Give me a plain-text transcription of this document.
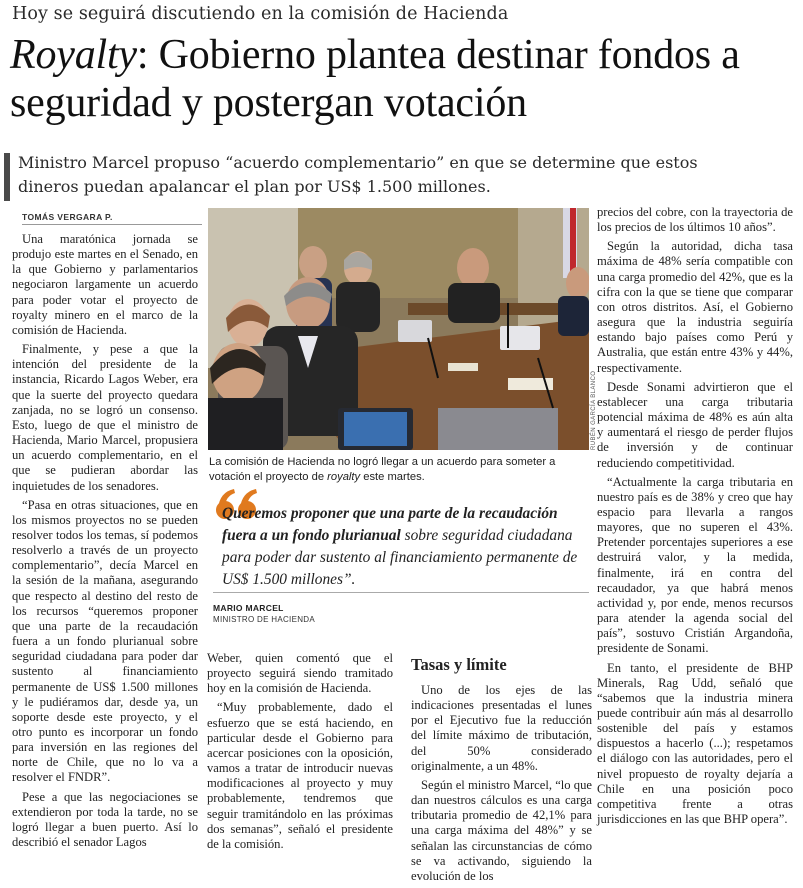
Hoy se seguirá discutiendo en la comisión de Hacienda
Royalty: Gobierno plantea destinar fondos a seguridad y postergan votación
Ministro Marcel propuso “acuerdo complementario” en que se determine que estos dineros puedan apalancar el plan por US$ 1.500 millones.
TOMÁS VERGARA P.

Una maratónica jornada se produjo este martes en el Senado, en la que Gobierno y parlamentarios negociaron largamente un acuerdo para poder votar el proyecto de royalty minero en el marco de la comisión de Hacienda.

Finalmente, y pese a que la intención del presidente de la instancia, Ricardo Lagos Weber, era que la suerte del proyecto quedara zanjada, no se logró un consenso. Esto, luego de que el ministro de Hacienda, Mario Marcel, propusiera un acuerdo complementario, en el que se pudieran abordar las inquietudes de los senadores.

“Pasa en otras situaciones, que en los mismos proyectos no se pueden resolver todos los temas, sí podemos resolverlo a través de un proyecto complementario”, decía Marcel en la sesión de la mañana, asegurando que respecto al destino del resto de los recursos “queremos proponer que una parte de la recaudación fuera a un fondo plurianual sobre seguridad ciudadana para poder dar sustento al financiamiento permanente de US$ 1.500 millones y le pudiéramos dar, desde ya, un soporte desde este proyecto, y el otro punto es incorporar un fondo para inversión en las regiones del norte de Chile, que no lo va a resolver el FNDR”.

Pese a que las negociaciones se extendieron por toda la tarde, no se logró llegar a buen puerto. Así lo describió el senador Lagos

RUBÉN GARCÍA BLANCO
La comisión de Hacienda no logró llegar a un acuerdo para someter a votación el proyecto de royalty este martes.
Queremos proponer que una parte de la recaudación fuera a un fondo plurianual sobre seguridad ciudadana para poder dar sustento al financiamiento permanente de US$ 1.500 millones”.
MARIO MARCEL
MINISTRO DE HACIENDA

Weber, quien comentó que el proyecto seguirá siendo tramitado hoy en la comisión de Hacienda.

“Muy probablemente, dado el esfuerzo que se está haciendo, en particular desde el Gobierno para acercar posiciones con la oposición, vamos a tratar de introducir nuevas modificaciones al proyecto y muy probablemente, tendremos que seguir tramitándolo en las próximas dos semanas”, señaló el presidente de la comisión.

Tasas y límite

Uno de los ejes de las indicaciones presentadas el lunes por el Ejecutivo fue la reducción del límite máximo de tributación, del 50% considerado originalmente, a un 48%.

Según el ministro Marcel, “lo que dan nuestros cálculos es una carga tributaria promedio de 42,1% para una carga máxima del 48%” y se señalan las circunstancias de cómo se va activando, siguiendo la evolución de los

precios del cobre, con la trayectoria de los precios de los últimos 10 años”.

Según la autoridad, dicha tasa máxima de 48% sería compatible con una carga promedio del 42%, que es la cifra con la que se tiene que comparar con otros distritos. Así, el Gobierno asegura que la industria seguiría estando bajo países como Perú y Australia, que están entre 43% y 44%, respectivamente.

Desde Sonami advirtieron que el establecer una carga tributaria potencial máxima de 48% es aún alta y aumentará el riesgo de perder flujos de inversión y de continuar reduciendo competitividad.

“Actualmente la carga tributaria en nuestro país es de 38% y creo que hay espacio para llevarla a rangos mayores, que no superen el 43%. Pretender porcentajes superiores a ese destruirá valor, y la medida, finalmente, irá en contra del recaudador, ya que habrá menos actividad y, por ende, menos recursos para atender la agenda social del país”, sostuvo Cristián Argandoña, presidente de Sonami.

En tanto, el presidente de BHP Minerals, Rag Udd, señaló que “sabemos que la industria minera puede contribuir aún más al desarrollo sostenible del país y estamos dispuestos a hacerlo (...); respetamos el diálogo con las autoridades, pero el nivel propuesto de royalty dejaría a Chile en una posición poco competitiva frente a otras jurisdicciones en las que BHP opera”.
